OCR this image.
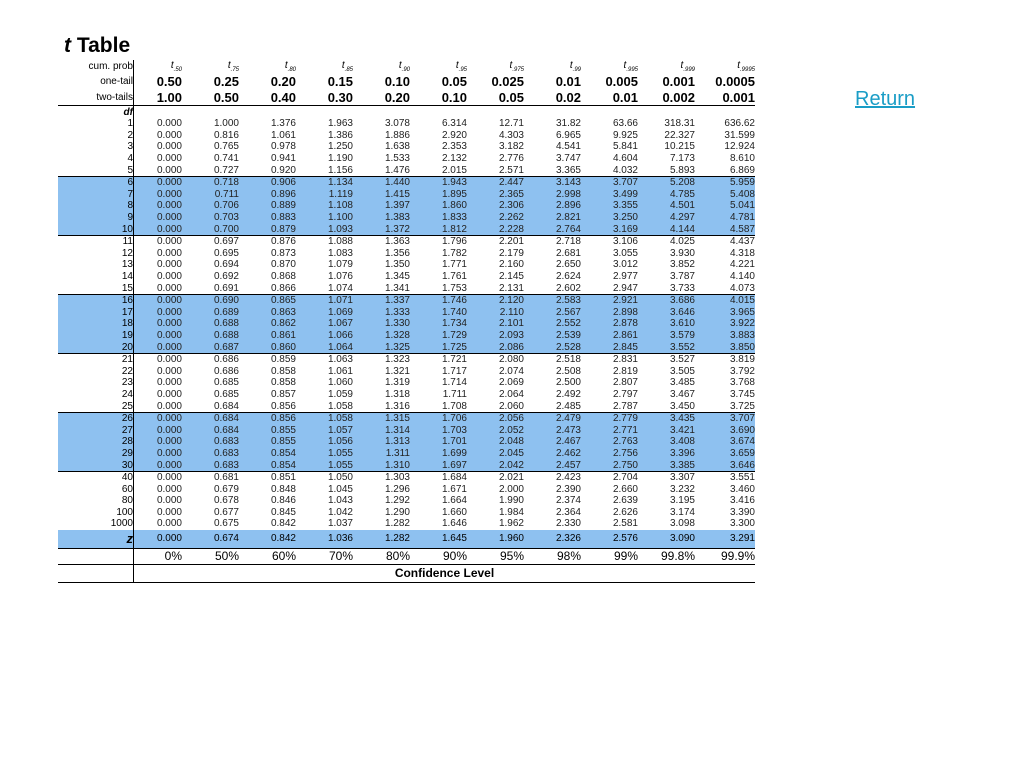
t Table
Return
cum. prob	$t_{.50}$	$t_{.75}$	$t_{.80}$	$t_{.85}$	$t_{.90}$	$t_{.95}$	$t_{.975}$	$t_{.99}$	$t_{.995}$	$t_{.999}$	$t_{.9995}$
one-tail	0.50	0.25	0.20	0.15	0.10	0.05	0.025	0.01	0.005	0.001	0.0005
two-tails	1.00	0.50	0.40	0.30	0.20	0.10	0.05	0.02	0.01	0.002	0.001
df											
1	0.000	1.000	1.376	1.963	3.078	6.314	12.71	31.82	63.66	318.31	636.62
2	0.000	0.816	1.061	1.386	1.886	2.920	4.303	6.965	9.925	22.327	31.599
3	0.000	0.765	0.978	1.250	1.638	2.353	3.182	4.541	5.841	10.215	12.924
4	0.000	0.741	0.941	1.190	1.533	2.132	2.776	3.747	4.604	7.173	8.610
5	0.000	0.727	0.920	1.156	1.476	2.015	2.571	3.365	4.032	5.893	6.869
6	0.000	0.718	0.906	1.134	1.440	1.943	2.447	3.143	3.707	5.208	5.959
7	0.000	0.711	0.896	1.119	1.415	1.895	2.365	2.998	3.499	4.785	5.408
8	0.000	0.706	0.889	1.108	1.397	1.860	2.306	2.896	3.355	4.501	5.041
9	0.000	0.703	0.883	1.100	1.383	1.833	2.262	2.821	3.250	4.297	4.781
10	0.000	0.700	0.879	1.093	1.372	1.812	2.228	2.764	3.169	4.144	4.587
11	0.000	0.697	0.876	1.088	1.363	1.796	2.201	2.718	3.106	4.025	4.437
12	0.000	0.695	0.873	1.083	1.356	1.782	2.179	2.681	3.055	3.930	4.318
13	0.000	0.694	0.870	1.079	1.350	1.771	2.160	2.650	3.012	3.852	4.221
14	0.000	0.692	0.868	1.076	1.345	1.761	2.145	2.624	2.977	3.787	4.140
15	0.000	0.691	0.866	1.074	1.341	1.753	2.131	2.602	2.947	3.733	4.073
16	0.000	0.690	0.865	1.071	1.337	1.746	2.120	2.583	2.921	3.686	4.015
17	0.000	0.689	0.863	1.069	1.333	1.740	2.110	2.567	2.898	3.646	3.965
18	0.000	0.688	0.862	1.067	1.330	1.734	2.101	2.552	2.878	3.610	3.922
19	0.000	0.688	0.861	1.066	1.328	1.729	2.093	2.539	2.861	3.579	3.883
20	0.000	0.687	0.860	1.064	1.325	1.725	2.086	2.528	2.845	3.552	3.850
21	0.000	0.686	0.859	1.063	1.323	1.721	2.080	2.518	2.831	3.527	3.819
22	0.000	0.686	0.858	1.061	1.321	1.717	2.074	2.508	2.819	3.505	3.792
23	0.000	0.685	0.858	1.060	1.319	1.714	2.069	2.500	2.807	3.485	3.768
24	0.000	0.685	0.857	1.059	1.318	1.711	2.064	2.492	2.797	3.467	3.745
25	0.000	0.684	0.856	1.058	1.316	1.708	2.060	2.485	2.787	3.450	3.725
26	0.000	0.684	0.856	1.058	1.315	1.706	2.056	2.479	2.779	3.435	3.707
27	0.000	0.684	0.855	1.057	1.314	1.703	2.052	2.473	2.771	3.421	3.690
28	0.000	0.683	0.855	1.056	1.313	1.701	2.048	2.467	2.763	3.408	3.674
29	0.000	0.683	0.854	1.055	1.311	1.699	2.045	2.462	2.756	3.396	3.659
30	0.000	0.683	0.854	1.055	1.310	1.697	2.042	2.457	2.750	3.385	3.646
40	0.000	0.681	0.851	1.050	1.303	1.684	2.021	2.423	2.704	3.307	3.551
60	0.000	0.679	0.848	1.045	1.296	1.671	2.000	2.390	2.660	3.232	3.460
80	0.000	0.678	0.846	1.043	1.292	1.664	1.990	2.374	2.639	3.195	3.416
100	0.000	0.677	0.845	1.042	1.290	1.660	1.984	2.364	2.626	3.174	3.390
1000	0.000	0.675	0.842	1.037	1.282	1.646	1.962	2.330	2.581	3.098	3.300
z	0.000	0.674	0.842	1.036	1.282	1.645	1.960	2.326	2.576	3.090	3.291
	0%	50%	60%	70%	80%	90%	95%	98%	99%	99.8%	99.9%
	Confidence Level										
